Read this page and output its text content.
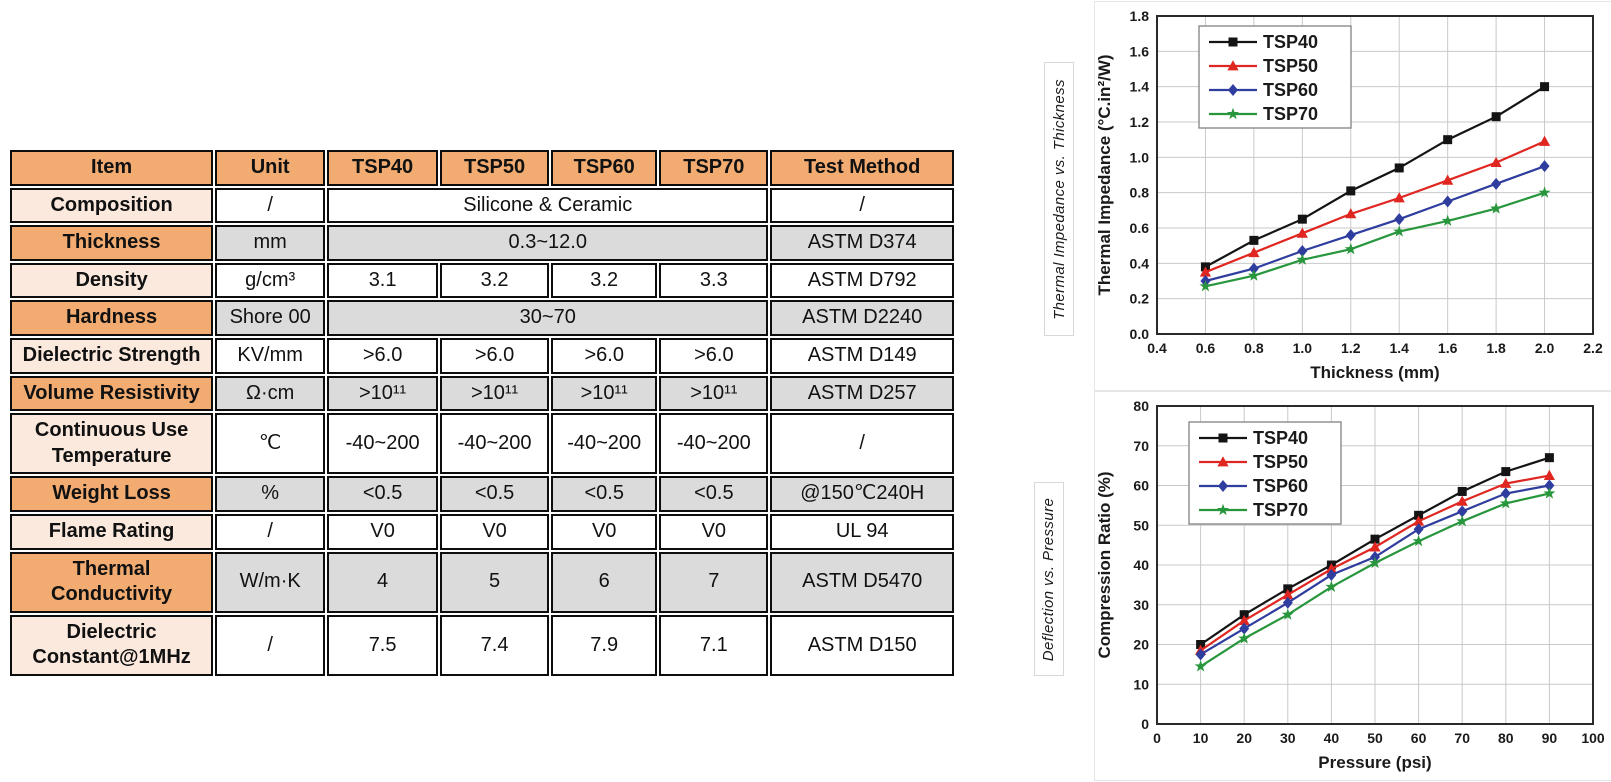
Item	Unit	TSP40	TSP50	TSP60	TSP70	Test Method
Composition	/	Silicone & Ceramic				/
Thickness	mm	0.3~12.0				ASTM D374
Density	g/cm³	3.1	3.2	3.2	3.3	ASTM D792
Hardness	Shore 00	30~70				ASTM D2240
Dielectric Strength	KV/mm	>6.0	>6.0	>6.0	>6.0	ASTM D149
Volume Resistivity	Ω·cm	>10¹¹	>10¹¹	>10¹¹	>10¹¹	ASTM D257
Continuous Use Temperature	℃	-40~200	-40~200	-40~200	-40~200	/
Weight Loss	%	<0.5	<0.5	<0.5	<0.5	@150℃240H
Flame Rating	/	V0	V0	V0	V0	UL 94
Thermal Conductivity	W/m·K	4	5	6	7	ASTM D5470
Dielectric Constant@1MHz	/	7.5	7.4	7.9	7.1	ASTM D150
Thermal Impedance vs. Thickness
0.4 0.6 0.8 1.0 1.2 1.4 1.6 1.8 2.0 2.2
0.0
0.2
0.4
0.6
0.8
1.0
1.2
1.4
1.6
1.8
Thickness (mm)
Thermal Impedance (°C.in²/W)
TSP40
TSP50
TSP60
TSP70
Deflection vs. Pressure
0 10 20 30 40 50 60 70 80 90 100
0
10
20
30
40
50
60
70
80
Pressure (psi)
Compression Ratio (%)
TSP40
TSP50
TSP60
TSP70
